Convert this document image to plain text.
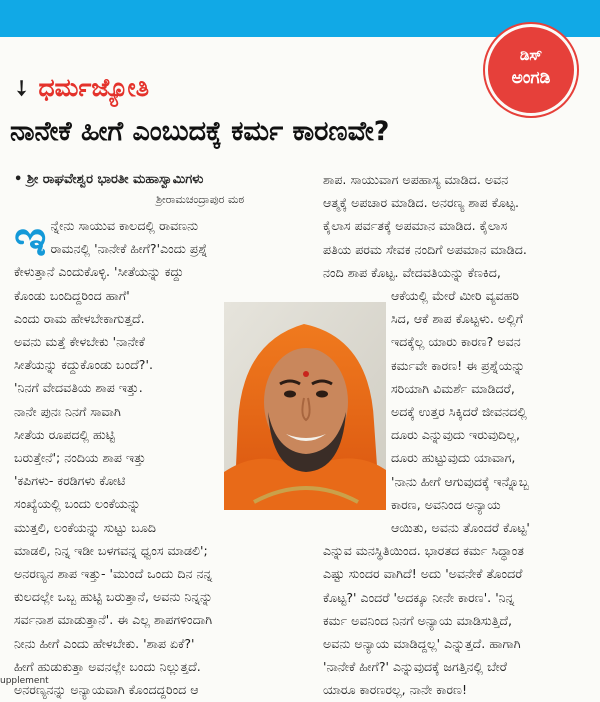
ಡಿಸ್
ಅಂಗಡಿ
➘ ಧರ್ಮಜ್ಯೋತಿ
ನಾನೇಕೆ ಹೀಗೆ ಎಂಬುದಕ್ಕೆ ಕರ್ಮ ಕಾರಣವೇ?
• ಶ್ರೀ ರಾಘವೇಶ್ವರ ಭಾರತೀ ಮಹಾಸ್ವಾಮಿಗಳು
ಶ್ರೀರಾಮಚಂದ್ರಾಪುರ ಮಠ
ಇ ನ್ನೇನು ಸಾಯುವ ಕಾಲದಲ್ಲಿ ರಾವಣನು
ರಾಮನಲ್ಲಿ 'ನಾನೇಕೆ ಹೀಗೆ?'ಎಂದು ಪ್ರಶ್ನೆ
ಕೇಳುತ್ತಾನೆ ಎಂದುಕೊಳ್ಳಿ. 'ಸೀತೆಯನ್ನು ಕದ್ದು
ಕೊಂಡು ಬಂದಿದ್ದರಿಂದ ಹಾಗೆ'
ಎಂದು ರಾಮ ಹೇಳಬೇಕಾಗುತ್ತದೆ.
ಅವನು ಮತ್ತೆ ಕೇಳಬೇಕು 'ನಾನೇಕೆ
ಸೀತೆಯನ್ನು ಕದ್ದುಕೊಂಡು ಬಂದೆ?'.
'ನಿನಗೆ ವೇದವತಿಯ ಶಾಪ ಇತ್ತು.
ನಾನೇ ಪುನಃ ನಿನಗೆ ಸಾವಾಗಿ
ಸೀತೆಯ ರೂಪದಲ್ಲಿ ಹುಟ್ಟಿ
ಬರುತ್ತೇನೆ'; ನಂದಿಯ ಶಾಪ ಇತ್ತು
'ಕಪಿಗಳು- ಕರಡಿಗಳು ಕೋಟಿ
ಸಂಖ್ಯೆಯಲ್ಲಿ ಬಂದು ಲಂಕೆಯನ್ನು
ಮುತ್ತಲಿ, ಲಂಕೆಯನ್ನು ಸುಟ್ಟು ಬೂದಿ
ಮಾಡಲಿ, ನಿನ್ನ ಇಡೀ ಬಳಗವನ್ನ ಧ್ವಂಸ ಮಾಡಲಿ';
ಅನರಣ್ಯನ ಶಾಪ ಇತ್ತು- 'ಮುಂದೆ ಒಂದು ದಿನ ನನ್ನ
ಕುಲದಲ್ಲೇ ಒಬ್ಬ ಹುಟ್ಟಿ ಬರುತ್ತಾನೆ, ಅವನು ನಿನ್ನನ್ನು
ಸರ್ವನಾಶ ಮಾಡುತ್ತಾನೆ'. ಈ ಎಲ್ಲ ಶಾಪಗಳಿಂದಾಗಿ
ನೀನು ಹೀಗೆ ಎಂದು ಹೇಳಬೇಕು. 'ಶಾಪ ಏಕೆ?'
ಹೀಗೆ ಹುಡುಕುತ್ತಾ ಅವನಲ್ಲೇ ಬಂದು ನಿಲ್ಲುತ್ತದೆ.
ಅನರಣ್ಯನನ್ನು ಅನ್ಯಾಯವಾಗಿ ಕೊಂದದ್ದರಿಂದ ಆ
ಶಾಪ. ಸಾಯುವಾಗ ಅಪಹಾಸ್ಯ ಮಾಡಿದ. ಅವನ
ಆತ್ಮಕ್ಕೆ ಅಪಚಾರ ಮಾಡಿದ. ಅನರಣ್ಯ ಶಾಪ ಕೊಟ್ಟ.
ಕೈಲಾಸ ಪರ್ವತಕ್ಕೆ ಅಪಮಾನ ಮಾಡಿದ. ಕೈಲಾಸ
ಪತಿಯ ಪರಮ ಸೇವಕ ನಂದಿಗೆ ಅಪಮಾನ ಮಾಡಿದ.
ನಂದಿ ಶಾಪ ಕೊಟ್ಟ. ವೇದವತಿಯನ್ನು ಕೆಣಕಿದ,
ಆಕೆಯಲ್ಲಿ ಮೇರೆ ಮೀರಿ ವ್ಯವಹರಿ
ಸಿದ, ಆಕೆ ಶಾಪ ಕೊಟ್ಟಳು. ಅಲ್ಲಿಗೆ
ಇದಕ್ಕೆಲ್ಲ ಯಾರು ಕಾರಣ? ಅವನ
ಕರ್ಮವೇ ಕಾರಣ! ಈ ಪ್ರಶ್ನೆಯನ್ನು
ಸರಿಯಾಗಿ ವಿಮರ್ಶೆ ಮಾಡಿದರೆ,
ಅದಕ್ಕೆ ಉತ್ತರ ಸಿಕ್ಕಿದರೆ ಜೀವನದಲ್ಲಿ
ದೂರು ಎನ್ನುವುದು ಇರುವುದಿಲ್ಲ,
ದೂರು ಹುಟ್ಟುವುದು ಯಾವಾಗ,
'ನಾನು ಹೀಗೆ ಆಗುವುದಕ್ಕೆ ಇನ್ನೊಬ್ಬ
ಕಾರಣ, ಅವನಿಂದ ಅನ್ಯಾಯ
ಆಯಿತು, ಅವನು ತೊಂದರೆ ಕೊಟ್ಟ'
ಎನ್ನುವ ಮನಸ್ಥಿತಿಯಿಂದ. ಭಾರತದ ಕರ್ಮ ಸಿದ್ಧಾಂತ
ಎಷ್ಟು ಸುಂದರ ವಾಗಿದೆ! ಅದು 'ಅವನೇಕೆ ತೊಂದರೆ
ಕೊಟ್ಟ?' ಎಂದರೆ 'ಅದಕ್ಕೂ ನೀನೇ ಕಾರಣ'. 'ನಿನ್ನ
ಕರ್ಮ ಅವನಿಂದ ನಿನಗೆ ಅನ್ಯಾಯ ಮಾಡಿಸುತ್ತಿದೆ,
ಅವನು ಅನ್ಯಾಯ ಮಾಡಿದ್ದಲ್ಲ' ಎನ್ನುತ್ತದೆ. ಹಾಗಾಗಿ
'ನಾನೇಕೆ ಹೀಗೆ?' ಎನ್ನುವುದಕ್ಕೆ ಜಗತ್ತಿನಲ್ಲಿ ಬೇರೆ
ಯಾರೂ ಕಾರಣರಲ್ಲ, ನಾನೇ ಕಾರಣ!
upplement
